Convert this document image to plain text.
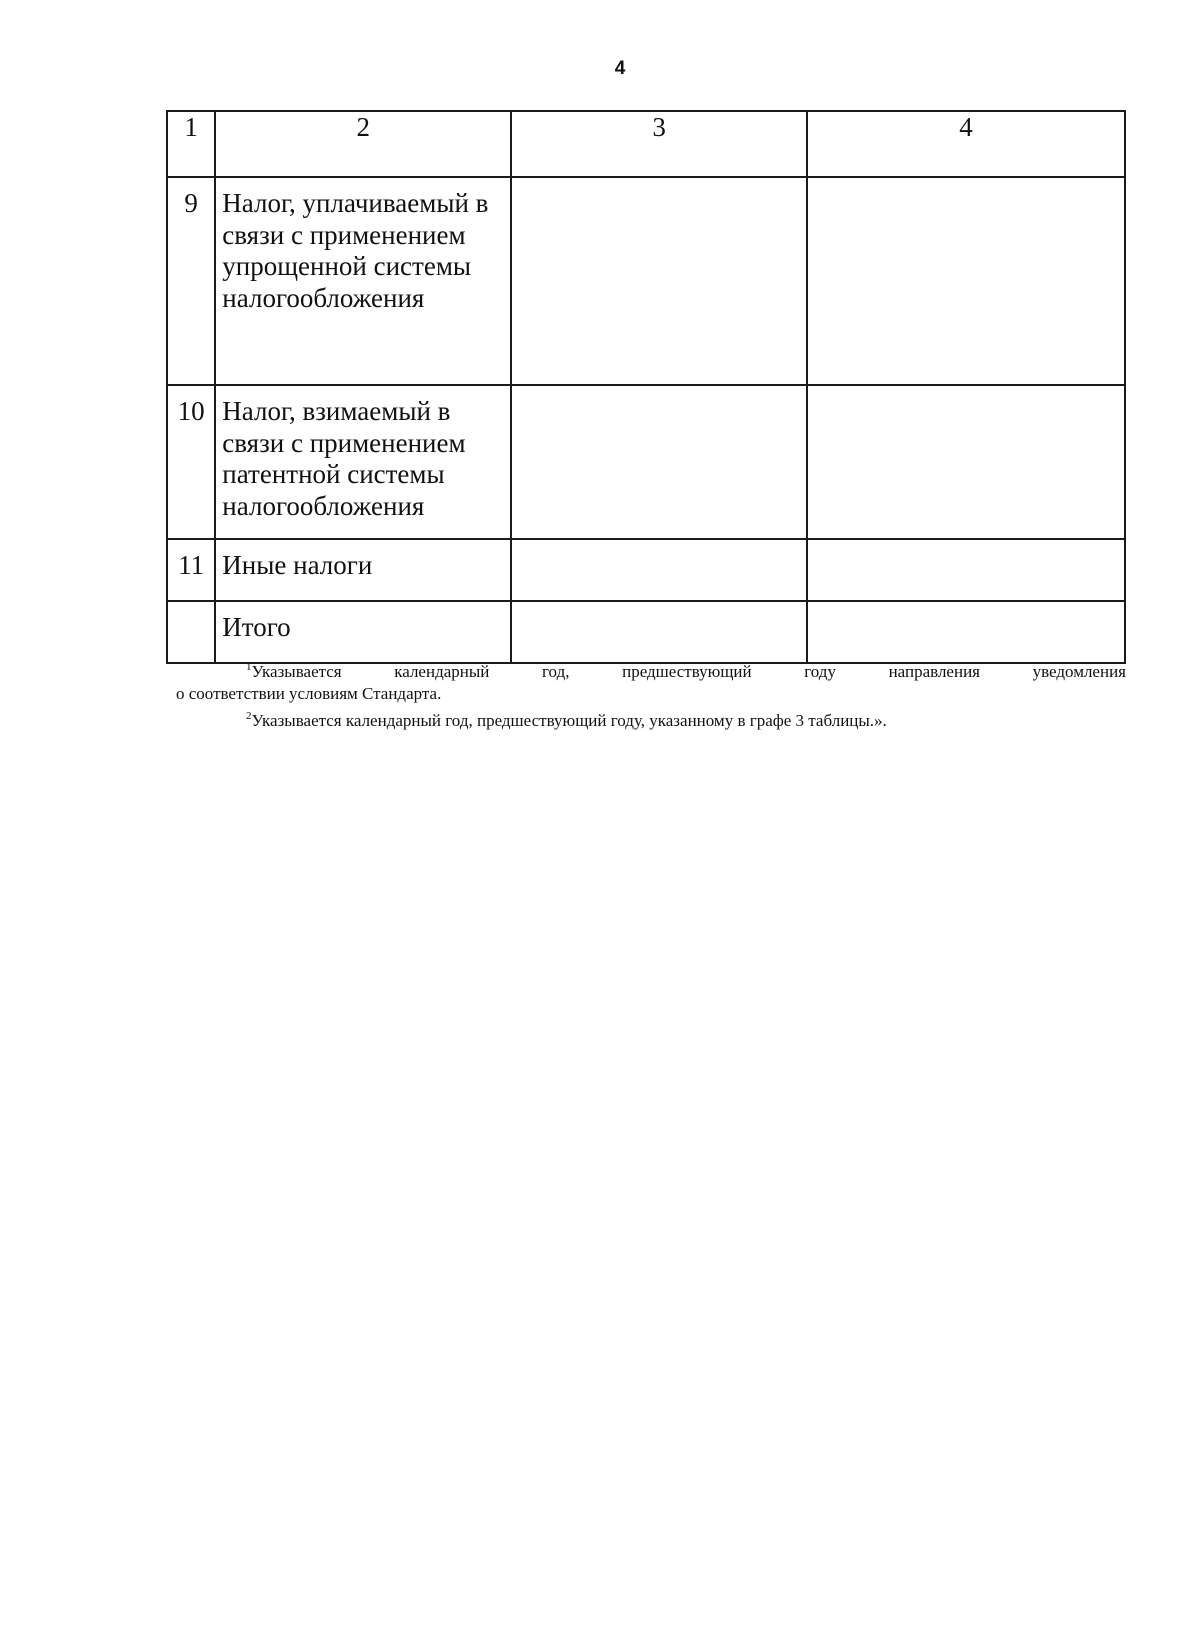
4
1	2	3	4
9	Налог, уплачиваемый в связи с применением упрощенной системы налогообложения		
10	Налог, взимаемый в связи с применением патентной системы налогообложения		
11	Иные налоги		
	Итого		

$^1$Указывается календарный год, предшествующий году направления уведомления

о соответствии условиям Стандарта.

$^2$Указывается календарный год, предшествующий году, указанному в графе 3 таблицы.».
